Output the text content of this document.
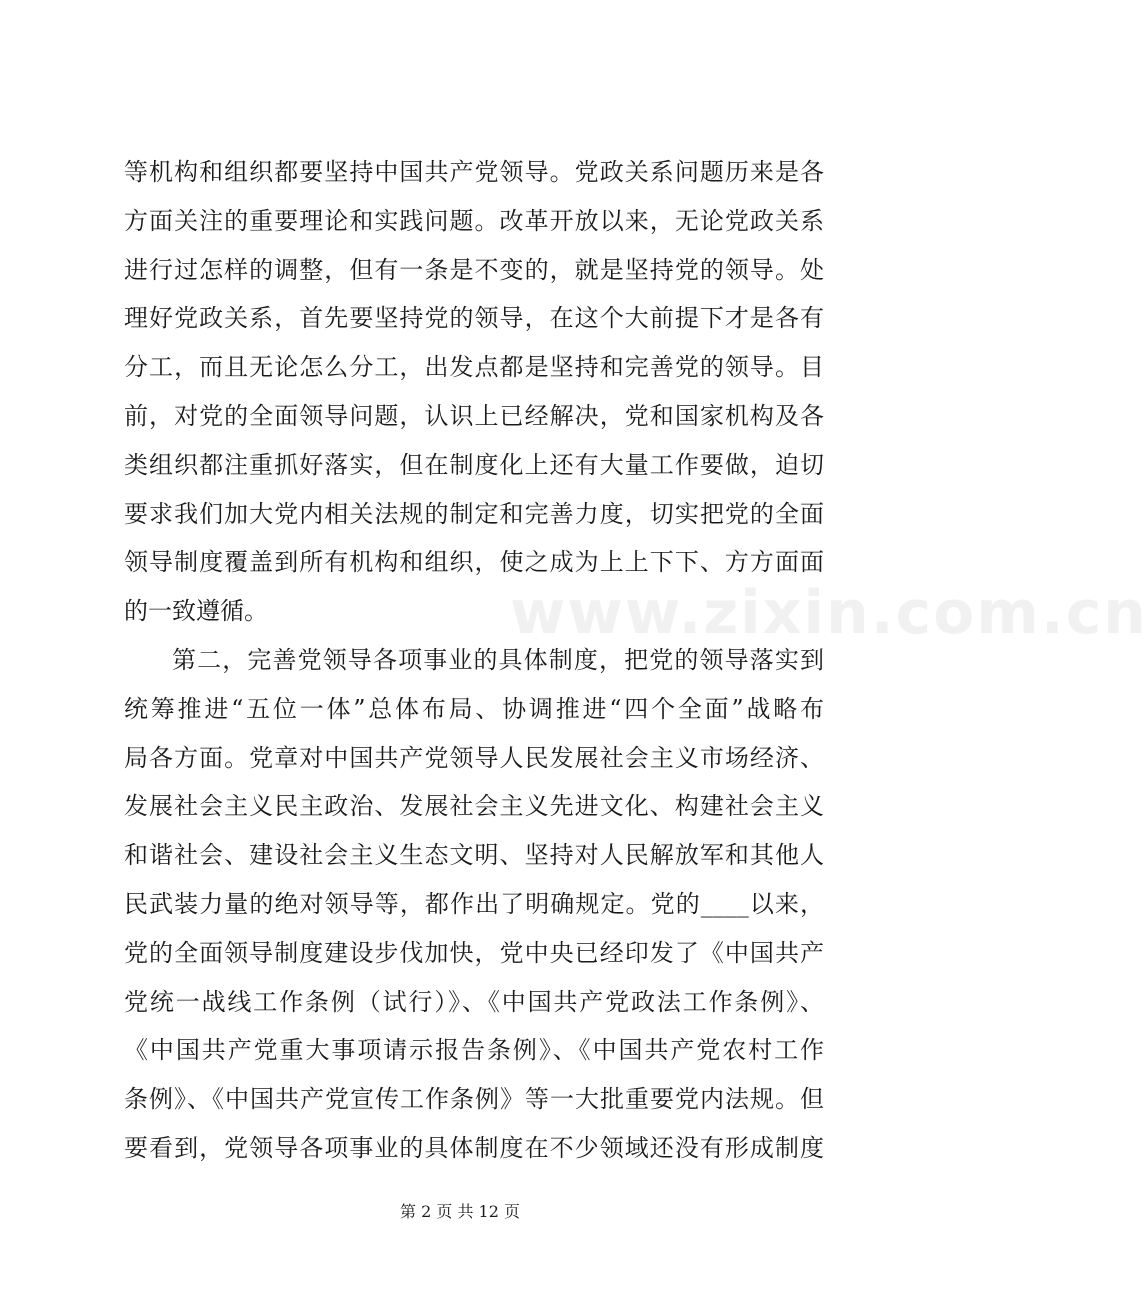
www.zixin.com.cn
等机构和组织都要坚持中国共产党领导。党政关系问题历来是各
方面关注的重要理论和实践问题。改革开放以来，无论党政关系
进行过怎样的调整，但有一条是不变的，就是坚持党的领导。处
理好党政关系，首先要坚持党的领导，在这个大前提下才是各有
分工，而且无论怎么分工，出发点都是坚持和完善党的领导。目
前，对党的全面领导问题，认识上已经解决，党和国家机构及各
类组织都注重抓好落实，但在制度化上还有大量工作要做，迫切
要求我们加大党内相关法规的制定和完善力度，切实把党的全面
领导制度覆盖到所有机构和组织，使之成为上上下下、方方面面
的一致遵循。
第二，完善党领导各项事业的具体制度，把党的领导落实到
统筹推进“五位一体”总体布局、协调推进“四个全面”战略布
局各方面。党章对中国共产党领导人民发展社会主义市场经济、
发展社会主义民主政治、发展社会主义先进文化、构建社会主义
和谐社会、建设社会主义生态文明、坚持对人民解放军和其他人
民武装力量的绝对领导等，都作出了明确规定。党的____以来，
党的全面领导制度建设步伐加快，党中央已经印发了《中国共产
党统一战线工作条例（试行）》、《中国共产党政法工作条例》、
《中国共产党重大事项请示报告条例》、《中国共产党农村工作
条例》、《中国共产党宣传工作条例》等一大批重要党内法规。但
要看到，党领导各项事业的具体制度在不少领域还没有形成制度
第 2 页 共 12 页
